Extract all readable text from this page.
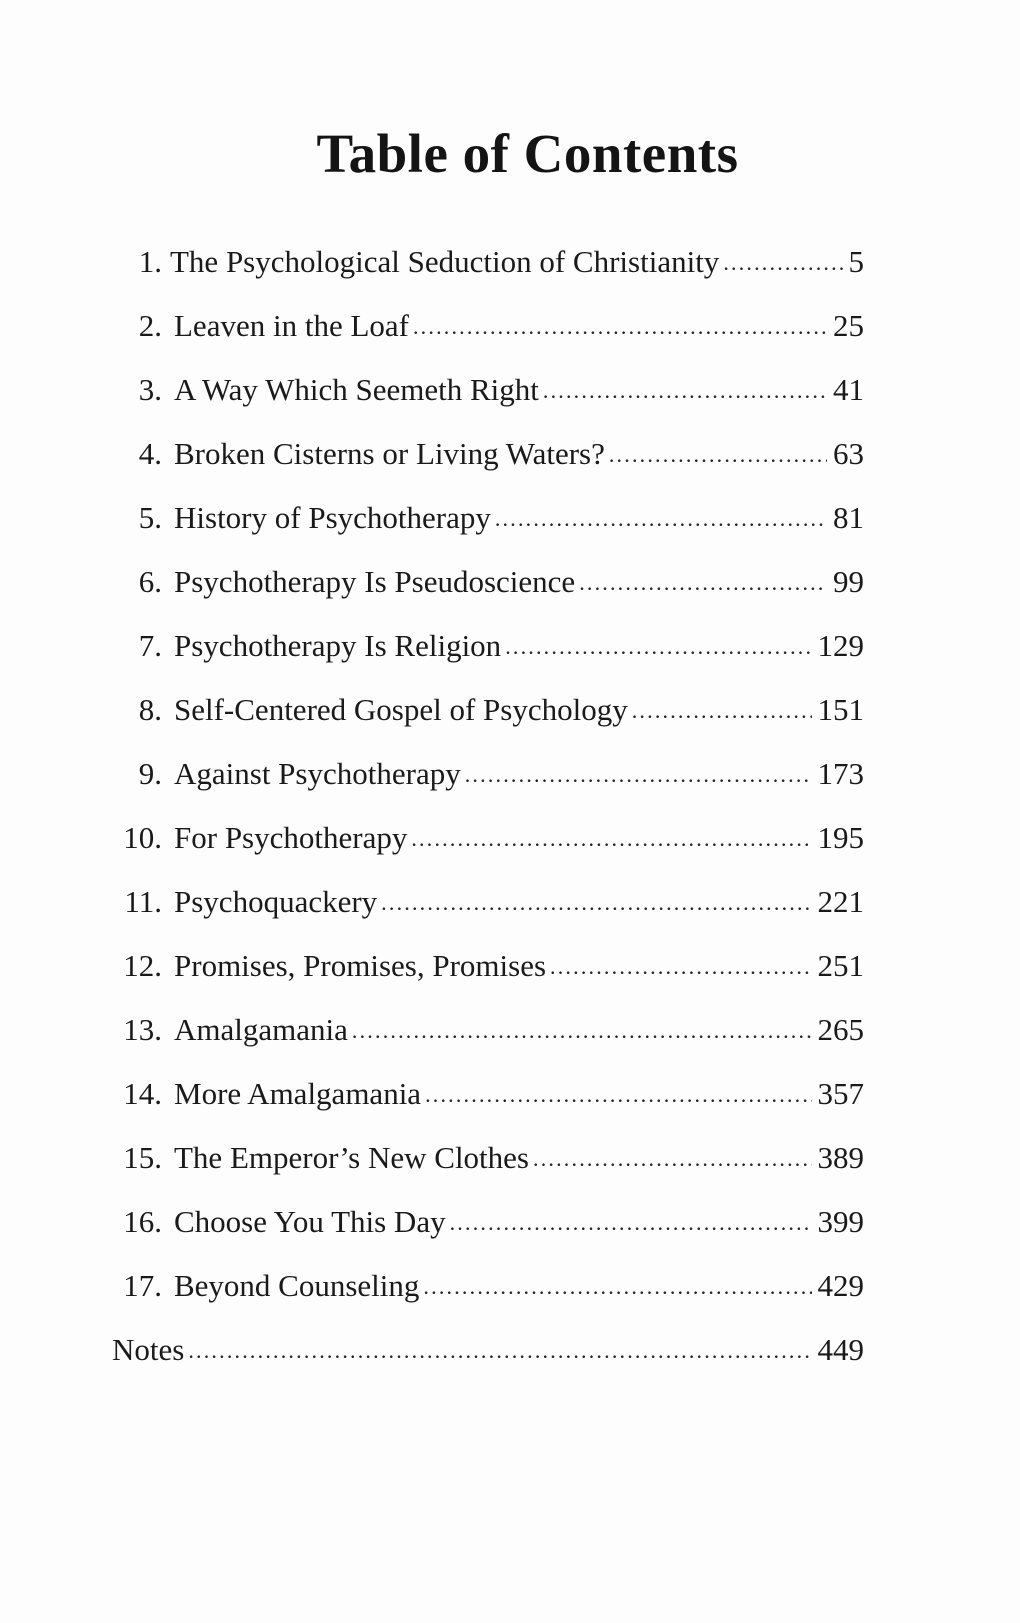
Table of Contents
1. The Psychological Seduction of Christianity .....	5
2. Leaven in the Loaf .....	25
3. A Way Which Seemeth Right .....	41
4. Broken Cisterns or Living Waters? .....	63
5. History of Psychotherapy .....	81
6. Psychotherapy Is Pseudoscience .....	99
7. Psychotherapy Is Religion .....	129
8. Self-Centered Gospel of Psychology .....	151
9. Against Psychotherapy .....	173
10. For Psychotherapy .....	195
11. Psychoquackery .....	221
12. Promises, Promises, Promises .....	251
13. Amalgamania .....	265
14. More Amalgamania .....	357
15. The Emperor’s New Clothes .....	389
16. Choose You This Day .....	399
17. Beyond Counseling .....	429
Notes .....	449
